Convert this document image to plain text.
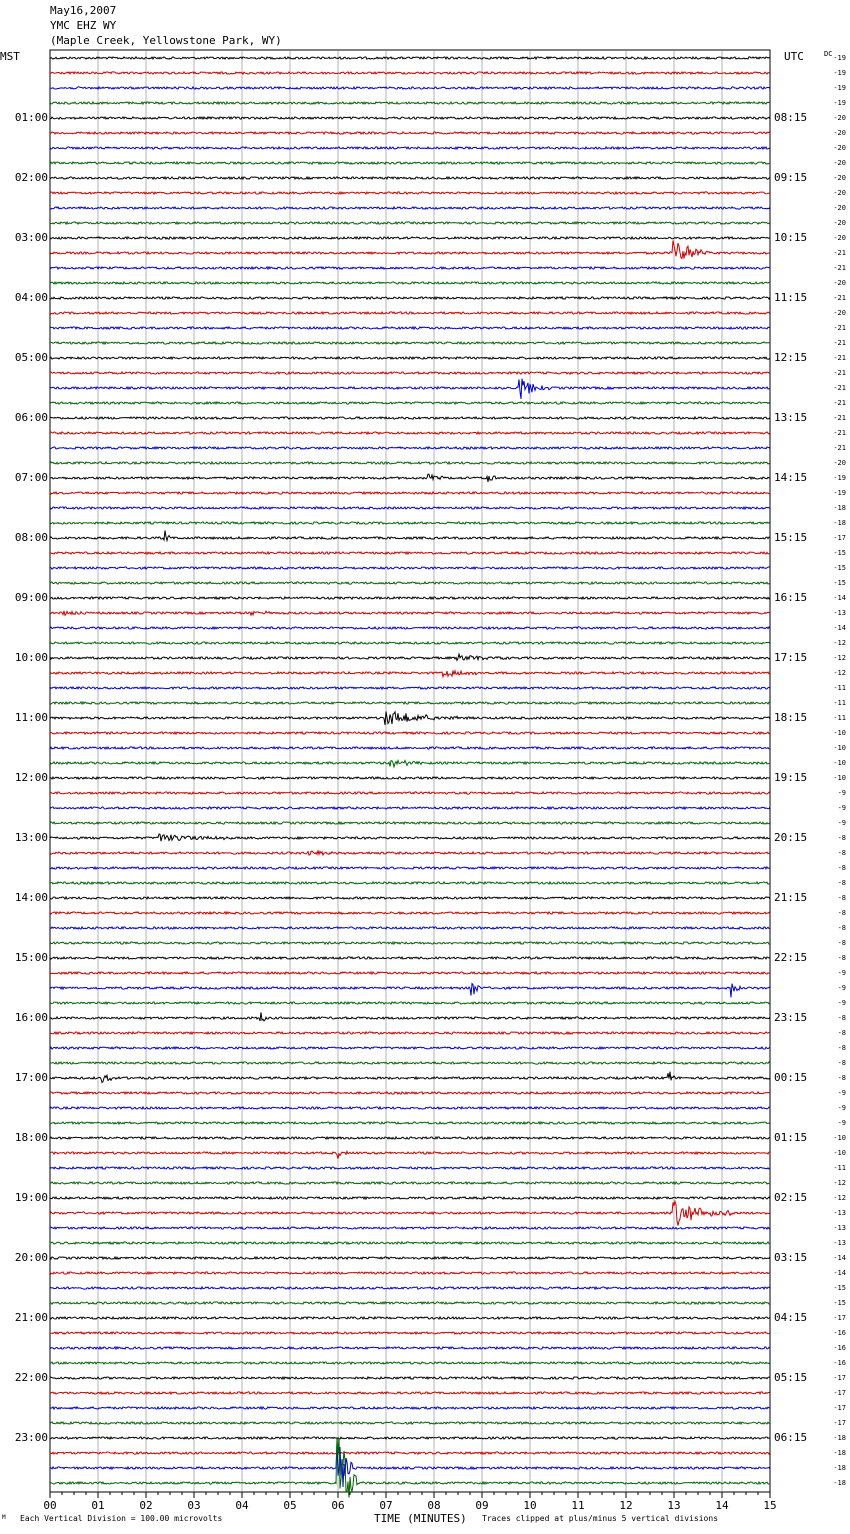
May16,2007
YMC EHZ WY
(Maple Creek, Yellowstone Park, WY)
MST	UTC	DC
01:00
02:00
03:00
04:00
05:00
06:00
07:00
08:00
09:00
10:00
11:00
12:00
13:00
14:00
15:00
16:00
17:00
18:00
19:00
20:00
21:00
22:00
23:00
08:15
09:15
10:15
11:15
12:15
13:15
14:15
15:15
16:15
17:15
18:15
19:15
20:15
21:15
22:15
23:15
00:15
01:15
02:15
03:15
04:15
05:15
06:15
-19
-19
-19
-19
-20
-20
-20
-20
-20
-20
-20
-20
-20
-21
-21
-20
-21
-20
-21
-21
-21
-21
-21
-21
-21
-21
-21
-20
-19
-19
-18
-18
-17
-15
-15
-15
-14
-13
-14
-12
-12
-12
-11
-11
-11
-10
-10
-10
-10
-9
-9
-9
-8
-8
-8
-8
-8
-8
-8
-8
-8
-9
-9
-9
-8
-8
-8
-8
-8
-9
-9
-9
-10
-10
-11
-12
-12
-13
-13
-13
-14
-14
-15
-15
-17
-16
-16
-16
-17
-17
-17
-17
-18
-18
-18
-18
00	01	02	03	04	05	06	07	08	09	10	11	12	13	14	15
M Each Vertical Division = 100.00 microvolts	TIME (MINUTES) Traces clipped at plus/minus 5 vertical divisions
